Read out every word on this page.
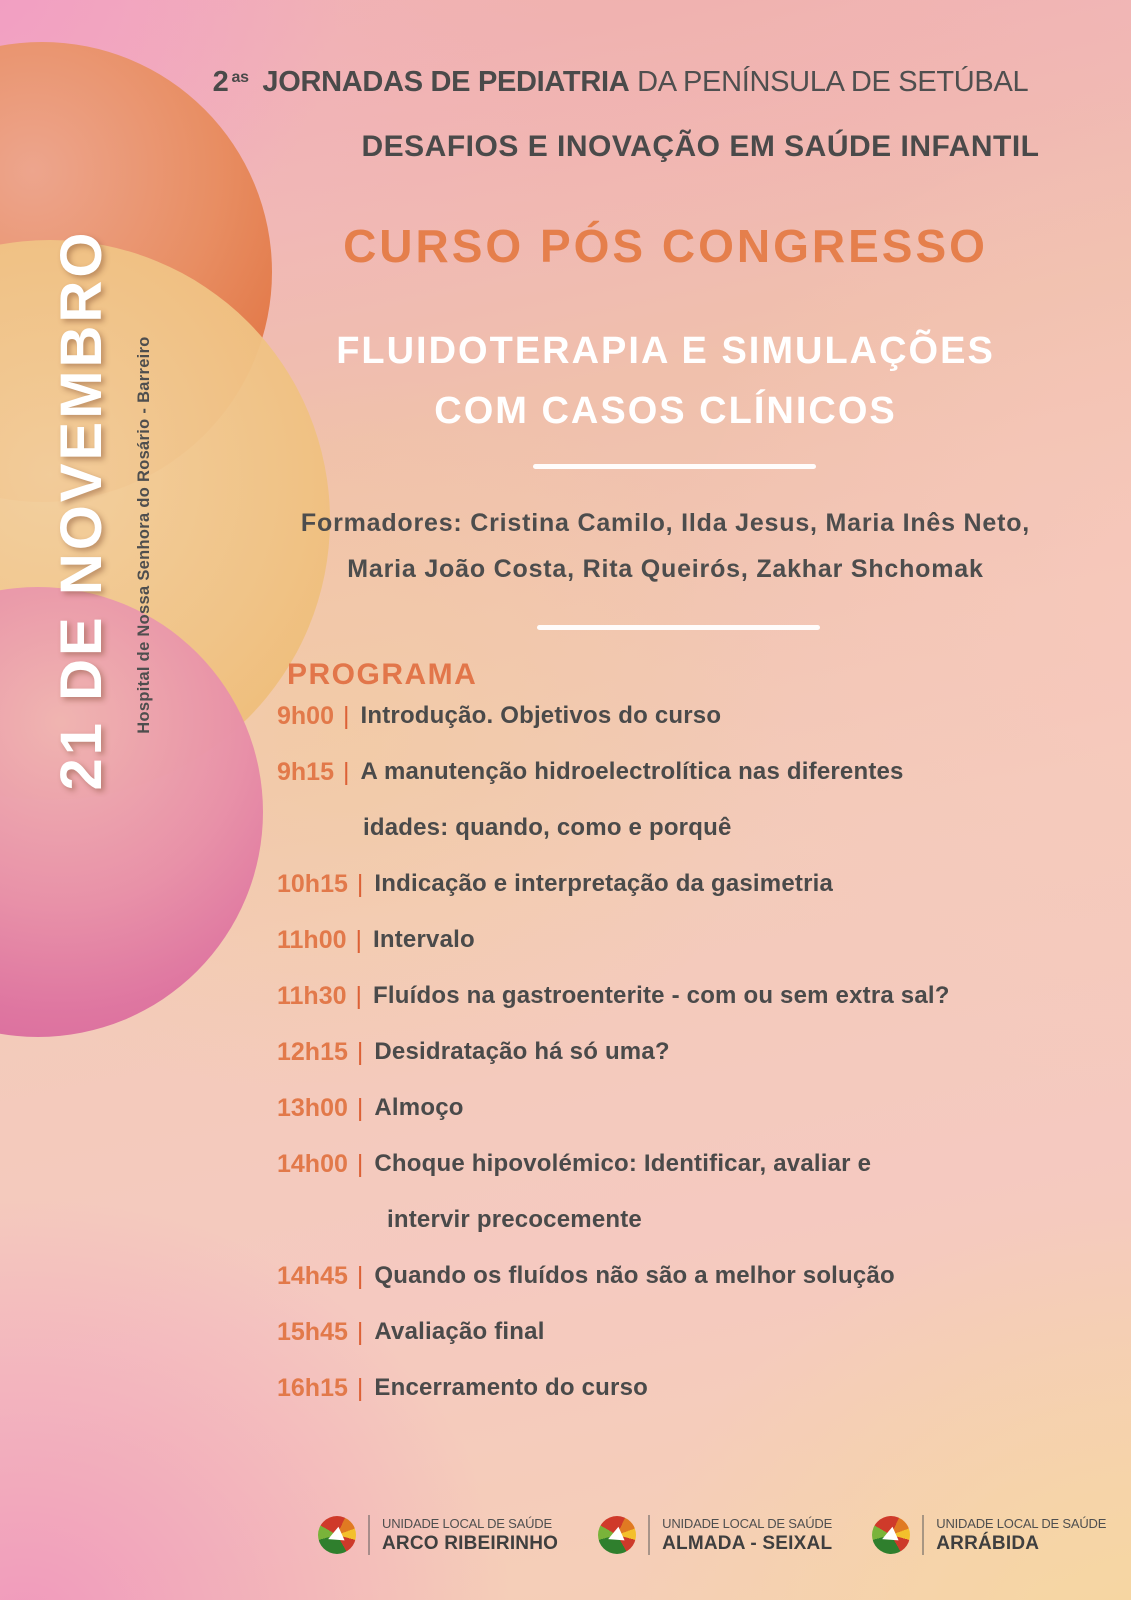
21 DE NOVEMBRO	Hospital de Nossa Senhora do Rosário - Barreiro
2 $^{as}$ JORNADAS DE PEDIATRIA DA PENÍNSULA DE SETÚBAL
DESAFIOS E INOVAÇÃO EM SAÚDE INFANTIL
CURSO PÓS CONGRESSO
FLUIDOTERAPIA E SIMULAÇÕES
COM CASOS CLÍNICOS
Formadores: Cristina Camilo, Ilda Jesus, Maria Inês Neto,
Maria João Costa, Rita Queirós, Zakhar Shchomak
PROGRAMA
9h00 | Introdução. Objetivos do curso
9h15 | A manutenção hidroelectrolítica nas diferentes
idades: quando, como e porquê
10h15 | Indicação e interpretação da gasimetria
11h00 | Intervalo
11h30 | Fluídos na gastroenterite - com ou sem extra sal?
12h15 | Desidratação há só uma?
13h00 | Almoço
14h00 | Choque hipovolémico: Identificar, avaliar e
intervir precocemente
14h45 | Quando os fluídos não são a melhor solução
15h45 | Avaliação final
16h15 | Encerramento do curso
UNIDADE LOCAL DE SAÚDE
ARCO RIBEIRINHO
UNIDADE LOCAL DE SAÚDE
ALMADA - SEIXAL
UNIDADE LOCAL DE SAÚDE
ARRÁBIDA
